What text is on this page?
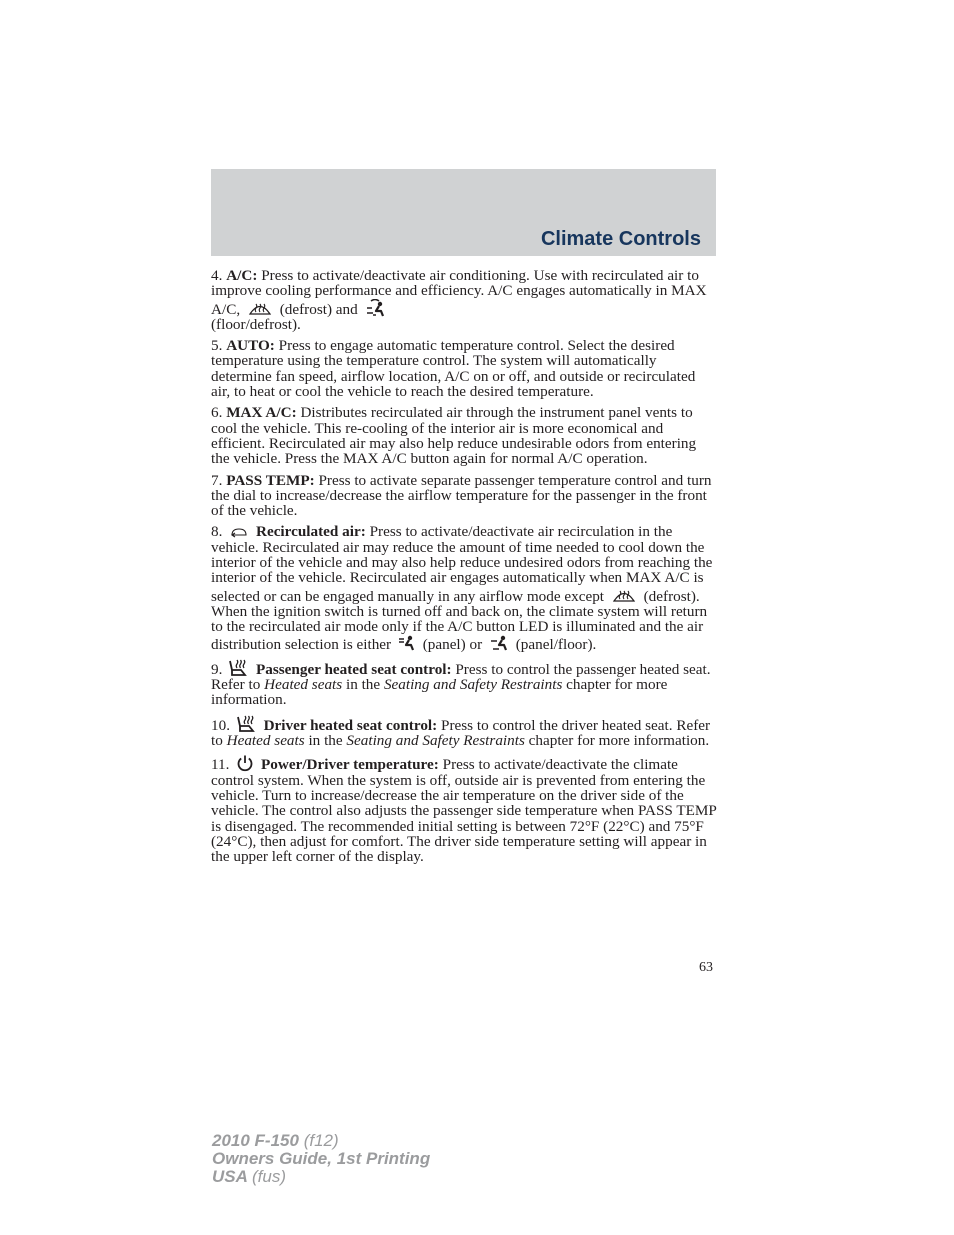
Climate Controls

4. A/C: Press to activate/deactivate air conditioning. Use with recirculated air to improve cooling performance and efficiency. A/C engages automatically in MAX A/C,	(defrost) and

(floor/defrost).

5. AUTO: Press to engage automatic temperature control. Select the desired temperature using the temperature control. The system will automatically determine fan speed, airflow location, A/C on or off, and outside or recirculated air, to heat or cool the vehicle to reach the desired temperature.

6. MAX A/C: Distributes recirculated air through the instrument panel vents to cool the vehicle. This re-cooling of the interior air is more economical and efficient. Recirculated air may also help reduce undesirable odors from entering the vehicle. Press the MAX A/C button again for normal A/C operation.

7. PASS TEMP: Press to activate separate passenger temperature control and turn the dial to increase/decrease the airflow temperature for the passenger in the front of the vehicle.

8. Recirculated air: Press to activate/deactivate air recirculation in the vehicle. Recirculated air may reduce the amount of time needed to cool down the interior of the vehicle and may also help reduce undesired odors from reaching the interior of the vehicle. Recirculated air engages automatically when MAX A/C is selected or can be engaged manually in any airflow mode except	(defrost). When the ignition switch is turned off and back on, the climate system will return to the recirculated air mode only if the A/C button LED is illuminated and the air distribution selection is either (panel) or (panel/floor).

9. Passenger heated seat control: Press to control the passenger heated seat. Refer to Heated seats in the Seating and Safety Restraints chapter for more information.

10. Driver heated seat control: Press to control the driver heated seat. Refer to Heated seats in the Seating and Safety Restraints chapter for more information.

11. Power/Driver temperature: Press to activate/deactivate the climate control system. When the system is off, outside air is prevented from entering the vehicle. Turn to increase/decrease the air temperature on the driver side of the vehicle. The control also adjusts the passenger side temperature when PASS TEMP is disengaged. The recommended initial setting is between 72°F (22°C) and 75°F (24°C), then adjust for comfort. The driver side temperature setting will appear in the upper left corner of the display.

63
2010 F-150 (f12)
Owners Guide, 1st Printing
USA (fus)
